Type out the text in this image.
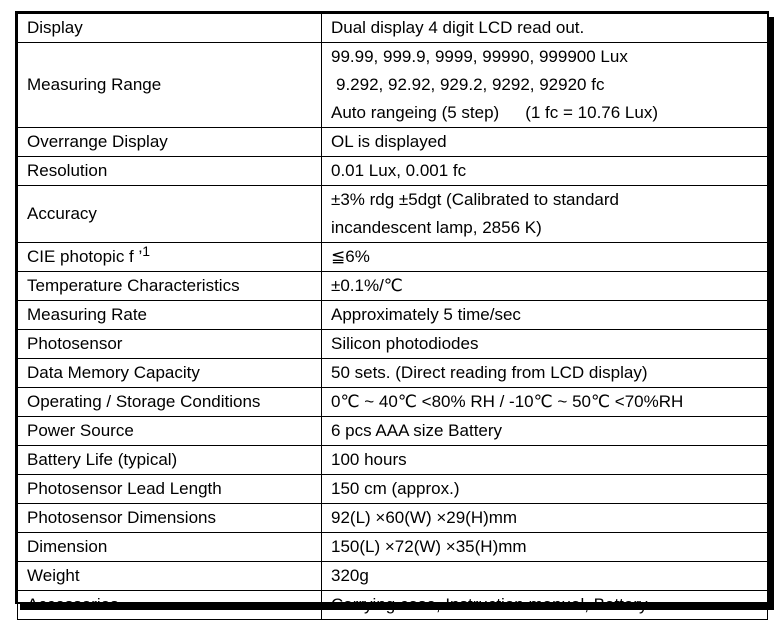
Display	Dual display 4 digit LCD read out.
Measuring Range	99.99, 999.9, 9999, 99990, 999900 Lux
9.292, 92.92, 929.2, 9292, 92920 fc
Auto rangeing (5 step) (1 fc = 10.76 Lux)

Overrange Display	OL is displayed
Resolution	0.01 Lux, 0.001 fc
Accuracy	±3% rdg ±5dgt (Calibrated to standard
incandescent lamp, 2856 K)

CIE photopic f ’$^1$	≦6%
Temperature Characteristics	±0.1%/℃
Measuring Rate	Approximately 5 time/sec
Photosensor	Silicon photodiodes
Data Memory Capacity	50 sets. (Direct reading from LCD display)
Operating / Storage Conditions	0℃ ~ 40℃ <80% RH / -10℃ ~ 50℃ <70%RH
Power Source	6 pcs AAA size Battery
Battery Life (typical)	100 hours
Photosensor Lead Length	150 cm (approx.)
Photosensor Dimensions	92(L) ×60(W) ×29(H)mm
Dimension	150(L) ×72(W) ×35(H)mm
Weight	320g
Accessories	Carrying case, Instruction manual, Battery
